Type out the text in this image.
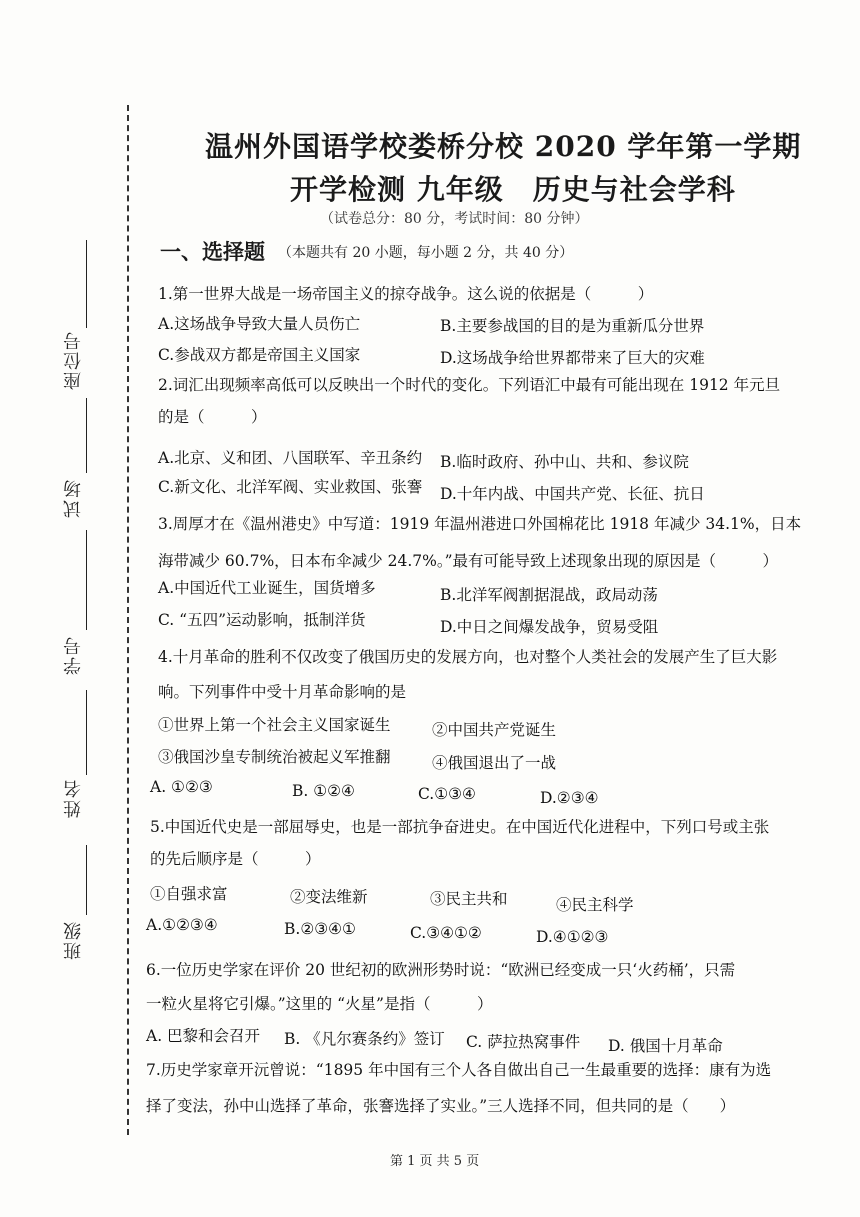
座位号
试场
学号
姓名
班级
温州外国语学校娄桥分校 2020 学年第一学期
开学检测 九年级　历史与社会学科
（试卷总分：80 分，考试时间：80 分钟）
一、选择题 （本题共有 20 小题，每小题 2 分，共 40 分）
1.第一世界大战是一场帝国主义的掠夺战争。这么说的依据是（　　　）
A.这场战争导致大量人员伤亡	B.主要参战国的目的是为重新瓜分世界
C.参战双方都是帝国主义国家	D.这场战争给世界都带来了巨大的灾难
2.词汇出现频率高低可以反映出一个时代的变化。下列语汇中最有可能出现在 1912 年元旦
的是（　　　）
A.北京、义和团、八国联军、辛丑条约 B.临时政府、孙中山、共和、参议院
C.新文化、北洋军阀、实业救国、张謇 D.十年内战、中国共产党、长征、抗日
3.周厚才在《温州港史》中写道：1919 年温州港进口外国棉花比 1918 年减少 34.1%，日本
海带减少 60.7%，日本布伞减少 24.7%。”最有可能导致上述现象出现的原因是（　　　）
A.中国近代工业诞生，国货增多	B.北洋军阀割据混战，政局动荡
C. “五四”运动影响，抵制洋货	D.中日之间爆发战争，贸易受阻
4.十月革命的胜利不仅改变了俄国历史的发展方向，也对整个人类社会的发展产生了巨大影
响。下列事件中受十月革命影响的是
①世界上第一个社会主义国家诞生	②中国共产党诞生
③俄国沙皇专制统治被起义军推翻	④俄国退出了一战
A. ①②③	B. ①②④	C.①③④	D.②③④
5.中国近代史是一部屈辱史，也是一部抗争奋进史。在中国近代化进程中，下列口号或主张
的先后顺序是（　　　）
①自强求富	②变法维新	③民主共和	④民主科学
A.①②③④	B.②③④①	C.③④①②	D.④①②③
6.一位历史学家在评价 20 世纪初的欧洲形势时说：“欧洲已经变成一只‘火药桶’，只需
一粒火星将它引爆。”这里的 “火星”是指（　　　）
A. 巴黎和会召开 B. 《凡尔赛条约》签订 C. 萨拉热窝事件 D. 俄国十月革命
7.历史学家章开沅曾说：“1895 年中国有三个人各自做出自己一生最重要的选择：康有为选
择了变法，孙中山选择了革命，张謇选择了实业。”三人选择不同，但共同的是（　　）
第 1 页 共 5 页
